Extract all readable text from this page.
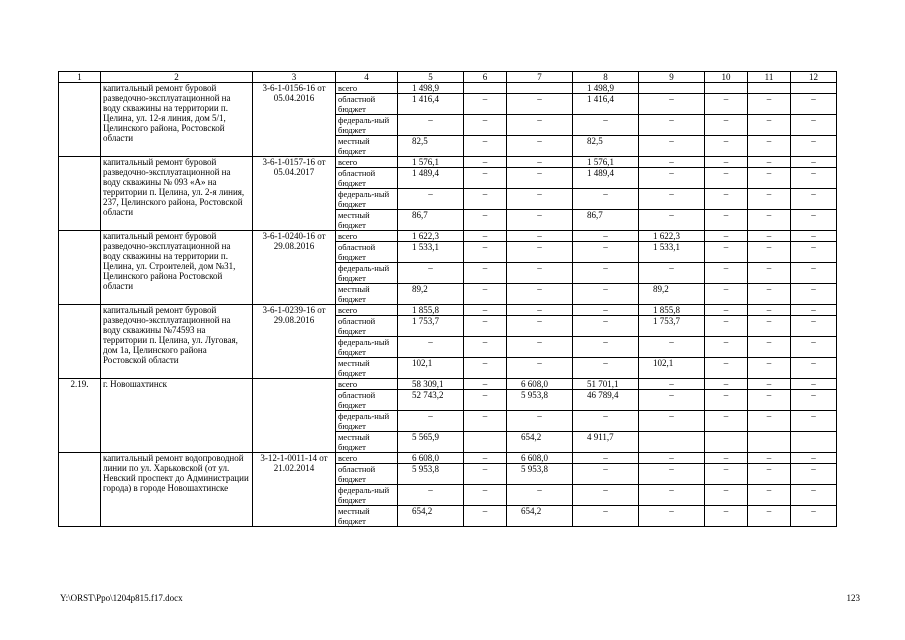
1	2	3	4	5	6	7	8	9	10	11	12
	капитальный ремонт буровой разведочно-эксплуатационной на воду скважины на территории п. Целина, ул. 12-я линия, дом 5/1, Целинского района, Ростовской области	3-6-1-0156-16 от 05.04.2016	всего	1 498,9			1 498,9				
			областной бюджет	1 416,4	–	–	1 416,4	–	–	–	–
			федераль-ный бюджет	–	–	–	–	–	–	–	–
			местный бюджет	82,5	–	–	82,5	–	–	–	–
	капитальный ремонт буровой разведочно-эксплуатационной на воду скважины № 093 «А» на территории п. Целина, ул. 2-я линия, 237, Целинского района, Ростовской области	3-6-1-0157-16 от 05.04.2017	всего	1 576,1	–	–	1 576,1	–	–	–	–
			областной бюджет	1 489,4	–	–	1 489,4	–	–	–	–
			федераль-ный бюджет	–	–	–	–	–	–	–	–
			местный бюджет	86,7	–	–	86,7	–	–	–	–
	капитальный ремонт буровой разведочно-эксплуатационной на воду скважины на территории п. Целина, ул. Строителей, дом №31, Целинского района Ростовской области	3-6-1-0240-16 от 29.08.2016	всего	1 622,3	–	–	–	1 622,3	–	–	–
			областной бюджет	1 533,1	–	–	–	1 533,1	–	–	–
			федераль-ный бюджет	–	–	–	–	–	–	–	–
			местный бюджет	89,2	–	–	–	89,2	–	–	–
	капитальный ремонт буровой разведочно-эксплуатационной на воду скважины №74593 на территории п. Целина, ул. Луговая, дом 1а, Целинского района Ростовской области	3-6-1-0239-16 от 29.08.2016	всего	1 855,8	–	–	–	1 855,8	–	–	–
			областной бюджет	1 753,7	–	–	–	1 753,7	–	–	–
			федераль-ный бюджет	–	–	–	–	–	–	–	–
			местный бюджет	102,1	–	–	–	102,1	–	–	–
2.19.	г. Новошахтинск		всего	58 309,1	–	6 608,0	51 701,1	–	–	–	–
			областной бюджет	52 743,2	–	5 953,8	46 789,4	–	–	–	–
			федераль-ный бюджет	–	–	–	–	–	–	–	–
			местный бюджет	5 565,9		654,2	4 911,7				
	капитальный ремонт водопроводной линии по ул. Харьковской (от ул. Невский проспект до Администрации города) в городе Новошахтинске	3-12-1-0011-14 от 21.02.2014	всего	6 608,0	–	6 608,0	–	–	–	–	–
			областной бюджет	5 953,8	–	5 953,8	–	–	–	–	–
			федераль-ный бюджет	–	–	–	–	–	–	–	–
			местный бюджет	654,2	–	654,2	–	–	–	–	–
Y:\ORST\Ppo\1204p815.f17.docx	123
